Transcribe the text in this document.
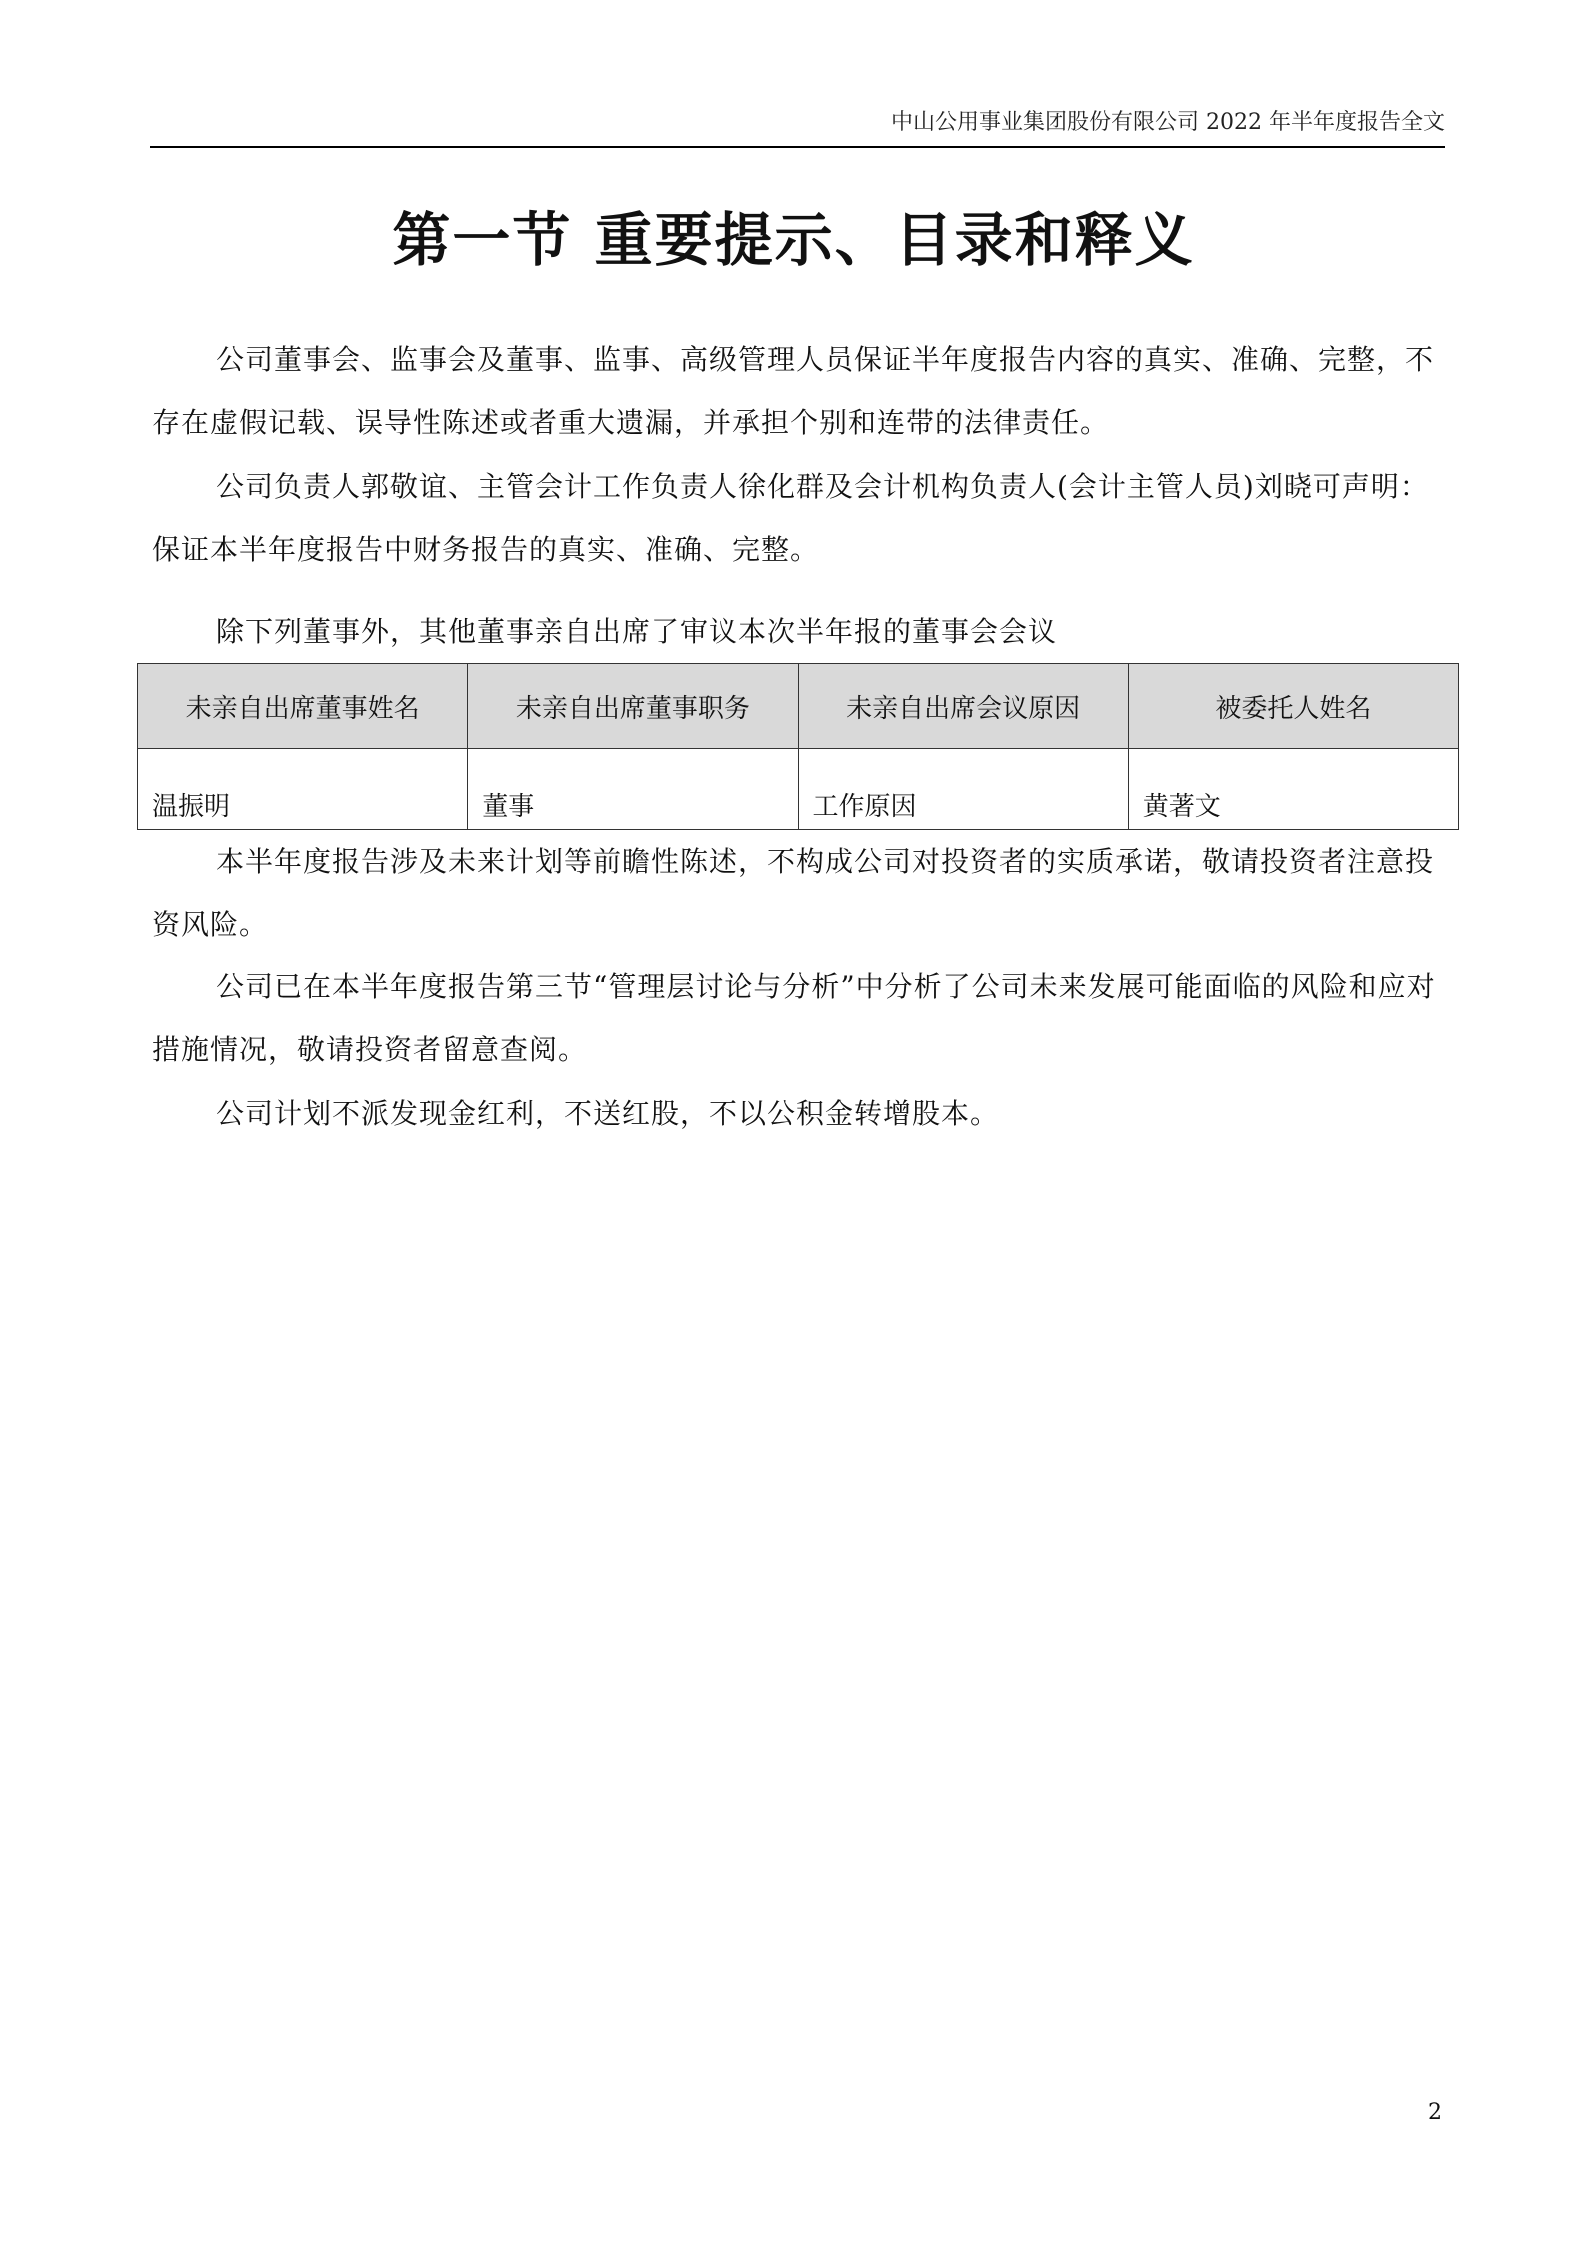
中山公用事业集团股份有限公司 2022 年半年度报告全文
第一节 重要提示、目录和释义

公司董事会、监事会及董事、监事、高级管理人员保证半年度报告内容的真实、准确、完整，不存在虚假记载、误导性陈述或者重大遗漏，并承担个别和连带的法律责任。

公司负责人郭敬谊、主管会计工作负责人徐化群及会计机构负责人(会计主管人员)刘晓可声明：保证本半年度报告中财务报告的真实、准确、完整。

除下列董事外，其他董事亲自出席了审议本次半年报的董事会会议

未亲自出席董事姓名	未亲自出席董事职务	未亲自出席会议原因	被委托人姓名
温振明	董事	工作原因	黄著文

本半年度报告涉及未来计划等前瞻性陈述，不构成公司对投资者的实质承诺，敬请投资者注意投资风险。

公司已在本半年度报告第三节“管理层讨论与分析”中分析了公司未来发展可能面临的风险和应对措施情况，敬请投资者留意查阅。

公司计划不派发现金红利，不送红股，不以公积金转增股本。

2
